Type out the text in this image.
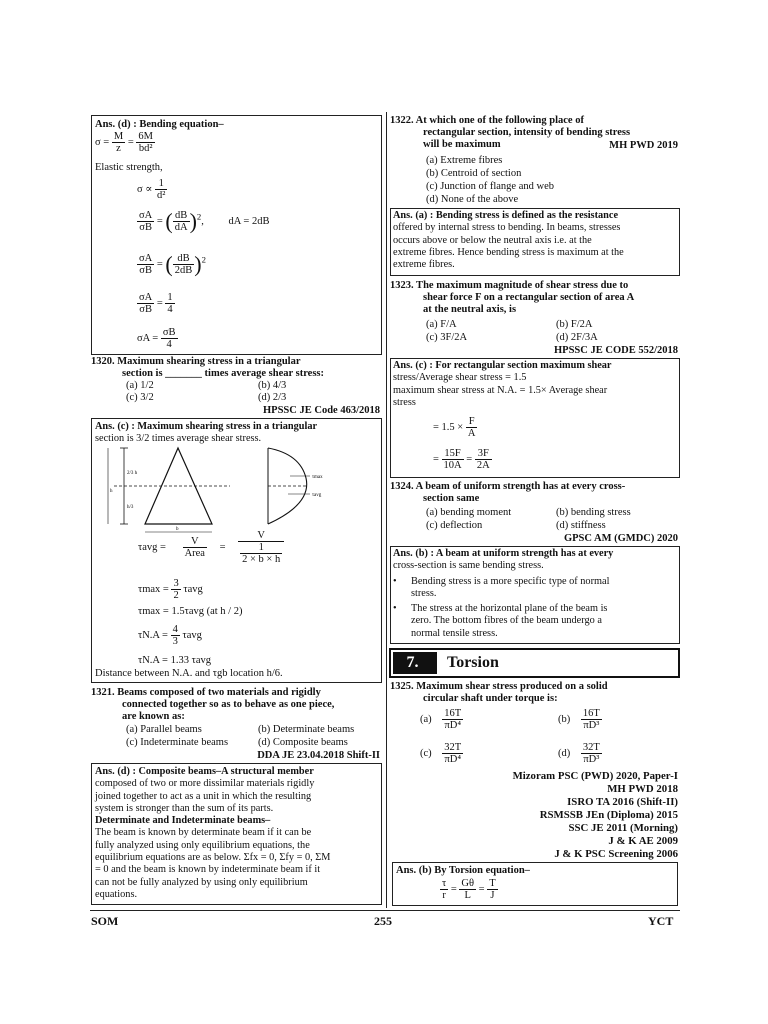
Ans. (d) : Bending equation–
$\sigma = \frac{M}{z} = \frac{6M}{\text{bd²}}$
Elastic strength,
$\sigma \propto \frac{1}{\text{d²}}$
$\frac{\sigma A}{\sigma B}$ = ( $\frac{dB}{dA} )^2$, dA = 2dB
$\frac{\sigma A}{\sigma B}$ = ( $\frac{dB}{2dB} )^2$
$\frac{\sigma A}{\sigma B} = \frac{1}{4}$
$\sigma A = \frac{\sigma B}{4}$
1320. Maximum shearing stress in a triangular
section is _______ times average shear stress:
(a) 1/2	(b) 4/3
(c) 3/2	(d) 2/3
HPSSC JE Code 463/2018
Ans. (c) : Maximum shearing stress in a triangular
section is 3/2 times average shear stress.
2/3 h
h
h/3
b
τmax
τavg
$\tau avg = \frac{V}{\text{Area}} = \frac{V}{\frac{1}{2 \times b \times h}}$
$\tau\max = \frac{3}{2}$ τavg
τmax = 1.5τavg (at h / 2)
$\tau N.A = \frac{4}{3}$ τavg
τN.A = 1.33 τavg
Distance between N.A. and τgb location h/6.
1321. Beams composed of two materials and rigidly
connected together so as to behave as one piece,
are known as:
(a) Parallel beams	(b) Determinate beams
(c) Indeterminate beams	(d) Composite beams
DDA JE 23.04.2018 Shift-II
Ans. (d) : Composite beams–A structural member
composed of two or more dissimilar materials rigidly
joined together to act as a unit in which the resulting
system is stronger than the sum of its parts.
Determinate and Indeterminate beams–
The beam is known by determinate beam if it can be
fully analyzed using only equilibrium equations, the
equilibrium equations are as below. Σfx = 0, Σfy = 0, ΣM
= 0 and the beam is known by indeterminate beam if it
can not be fully analyzed by using only equilibrium
equations.
1322. At which one of the following place of
rectangular section, intensity of bending stress
will be maximum	MH PWD 2019
(a) Extreme fibres
(b) Centroid of section
(c) Junction of flange and web
(d) None of the above
Ans. (a) : Bending stress is defined as the resistance
offered by internal stress to bending. In beams, stresses
occurs above or below the neutral axis i.e. at the
extreme fibres. Hence bending stress is maximum at the
extreme fibres.
1323. The maximum magnitude of shear stress due to
shear force F on a rectangular section of area A
at the neutral axis, is
(a) F/A	(b) F/2A
(c) 3F/2A	(d) 2F/3A
HPSSC JE CODE 552/2018
Ans. (c) : For rectangular section maximum shear
stress/Average shear stress = 1.5
maximum shear stress at N.A. = 1.5× Average shear
stress
= $1.5 \times \frac{F}{A}$
= $\frac{15F}{10A} = \frac{3F}{2A}$
1324. A beam of uniform strength has at every cross-
section same
(a) bending moment	(b) bending stress
(c) deflection	(d) stiffness
GPSC AM (GMDC) 2020
Ans. (b) : A beam at uniform strength has at every
cross-section is same bending stress.
• Bending stress is a more specific type of normal
stress.
• The stress at the horizontal plane of the beam is
zero. The bottom fibres of the beam undergo a
normal tensile stress.
7.	Torsion
1325. Maximum shear stress produced on a solid
circular shaft under torque is:
$(a) \frac{16T}{\text{πD⁴}}$	$(b) \frac{16T}{\text{πD³}}$
$(c) \frac{32T}{\text{πD⁴}}$	$(d) \frac{32T}{\text{πD³}}$
Mizoram PSC (PWD) 2020, Paper-I
MH PWD 2018
ISRO TA 2016 (Shift-II)
RSMSSB JEn (Diploma) 2015
SSC JE 2011 (Morning)
J & K AE 2009
J & K PSC Screening 2006
Ans. (b) By Torsion equation–
$\frac{\tau}{r} = \frac{G\theta}{L} = \frac{T}{J}$
SOM	255	YCT
